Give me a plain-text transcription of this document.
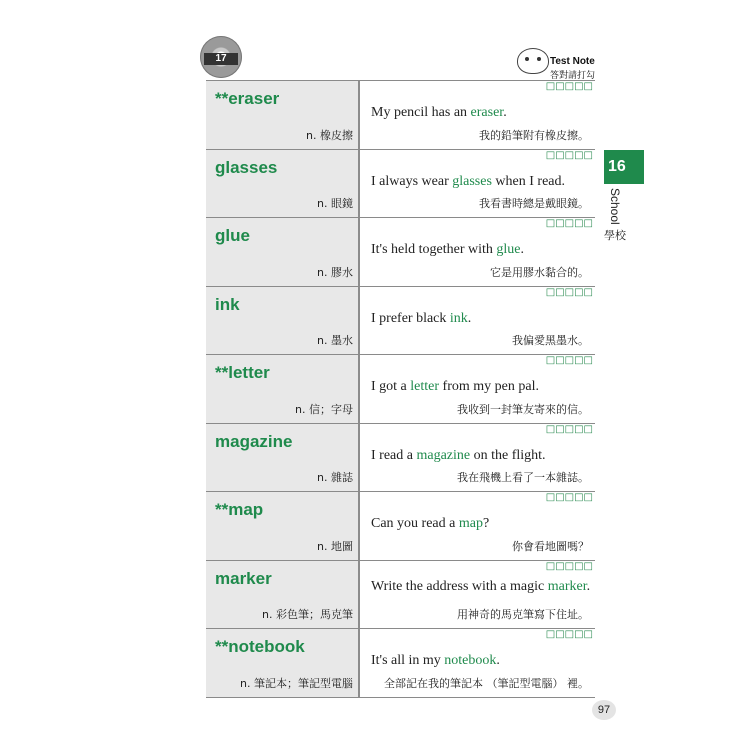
17	Test Note
答對請打勾
**eraser
n. 橡皮擦
□□□□□
My pencil has an eraser.
我的鉛筆附有橡皮擦。
glasses
n. 眼鏡
□□□□□
I always wear glasses when I read.
我看書時總是戴眼鏡。
glue
n. 膠水
□□□□□
It's held together with glue.
它是用膠水黏合的。
ink
n. 墨水
□□□□□
I prefer black ink.
我偏愛黑墨水。
**letter
n. 信；字母
□□□□□
I got a letter from my pen pal.
我收到一封筆友寄來的信。
magazine
n. 雜誌
□□□□□
I read a magazine on the flight.
我在飛機上看了一本雜誌。
**map
n. 地圖
□□□□□
Can you read a map?
你會看地圖嗎？
marker
n. 彩色筆；馬克筆
□□□□□
Write the address with a magic marker.
用神奇的馬克筆寫下住址。
**notebook
n. 筆記本；筆記型電腦
□□□□□
It's all in my notebook.
全部記在我的筆記本 （筆記型電腦） 裡。
16
School
學校
97
